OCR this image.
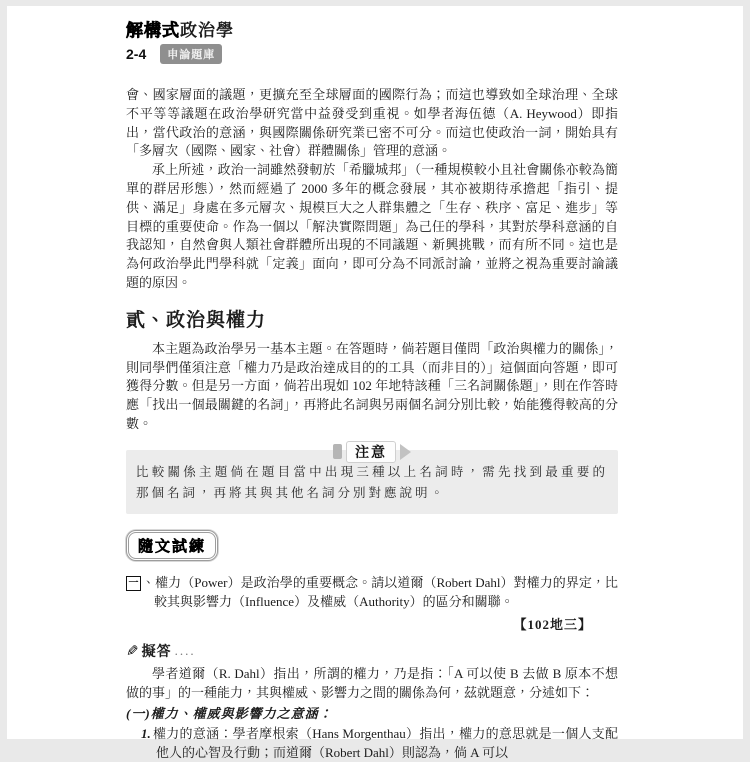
解構式政治學
2-4	申論題庫
會、國家層面的議題，更擴充至全球層面的國際行為；而這也導致如全球治理、全球不平等等議題在政治學研究當中益發受到重視。如學者海伍德（A. Heywood）即指出，當代政治的意涵，與國際關係研究業已密不可分。而這也使政治一詞，開始具有「多層次（國際、國家、社會）群體關係」管理的意涵。
承上所述，政治一詞雖然發軔於「希臘城邦」（一種規模較小且社會關係亦較為簡單的群居形態），然而經過了 2000 多年的概念發展，其亦被期待承擔起「指引、提供、滿足」身處在多元層次、規模巨大之人群集體之「生存、秩序、富足、進步」等目標的重要使命。作為一個以「解決實際問題」為己任的學科，其對於學科意涵的自我認知，自然會與人類社會群體所出現的不同議題、新興挑戰，而有所不同。這也是為何政治學此門學科就「定義」面向，即可分為不同派討論，並將之視為重要討論議題的原因。
貳、政治與權力
本主題為政治學另一基本主題。在答題時，倘若題目僅問「政治與權力的關係」，則同學們僅須注意「權力乃是政治達成目的的工具（而非目的）」這個面向答題，即可獲得分數。但是另一方面，倘若出現如 102 年地特該種「三名詞關係題」，則在作答時應「找出一個最關鍵的名詞」，再將此名詞與另兩個名詞分別比較，始能獲得較高的分數。
注意
比較關係主題倘在題目當中出現三種以上名詞時，需先找到最重要的那個名詞，再將其與其他名詞分別對應說明。
隨文試練
一 、權力（Power）是政治學的重要概念。請以道爾（Robert Dahl）對權力的界定，比較其與影響力（Influence）及權威（Authority）的區分和關聯。
【102地三】
✎ 擬答 ....
學者道爾（R. Dahl）指出，所謂的權力，乃是指：「A 可以使 B 去做 B 原本不想做的事」的一種能力，其與權威、影響力之間的關係為何，茲就題意，分述如下：
(一)權力、權威與影響力之意涵：
1. 權力的意涵：學者摩根索（Hans Morgenthau）指出，權力的意思就是一個人支配他人的心智及行動；而道爾（Robert Dahl）則認為，倘 A 可以
